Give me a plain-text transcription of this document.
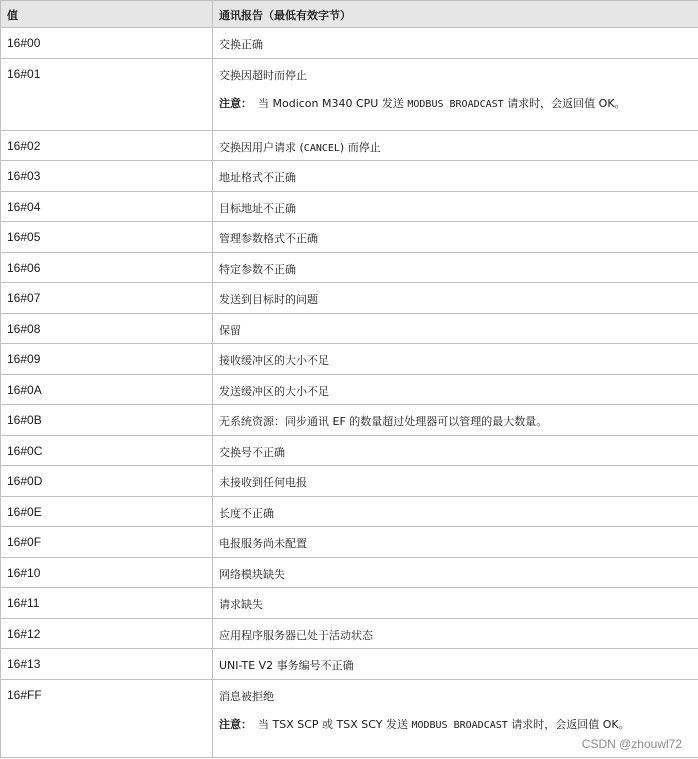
值	通讯报告（最低有效字节）
16#00	交换正确
16#01	交换因超时而停止
注意： 当 Modicon M340 CPU 发送 MODBUS BROADCAST 请求时，会返回值 OK。

16#02	交换因用户请求 (CANCEL) 而停止
16#03	地址格式不正确
16#04	目标地址不正确
16#05	管理参数格式不正确
16#06	特定参数不正确
16#07	发送到目标时的问题
16#08	保留
16#09	接收缓冲区的大小不足
16#0A	发送缓冲区的大小不足
16#0B	无系统资源：同步通讯 EF 的数量超过处理器可以管理的最大数量。
16#0C	交换号不正确
16#0D	未接收到任何电报
16#0E	长度不正确
16#0F	电报服务尚未配置
16#10	网络模块缺失
16#11	请求缺失
16#12	应用程序服务器已处于活动状态
16#13	UNI-TE V2 事务编号不正确
16#FF	消息被拒绝
注意： 当 TSX SCP 或 TSX SCY 发送 MODBUS BROADCAST 请求时，会返回值 OK。
CSDN @zhouwl72
